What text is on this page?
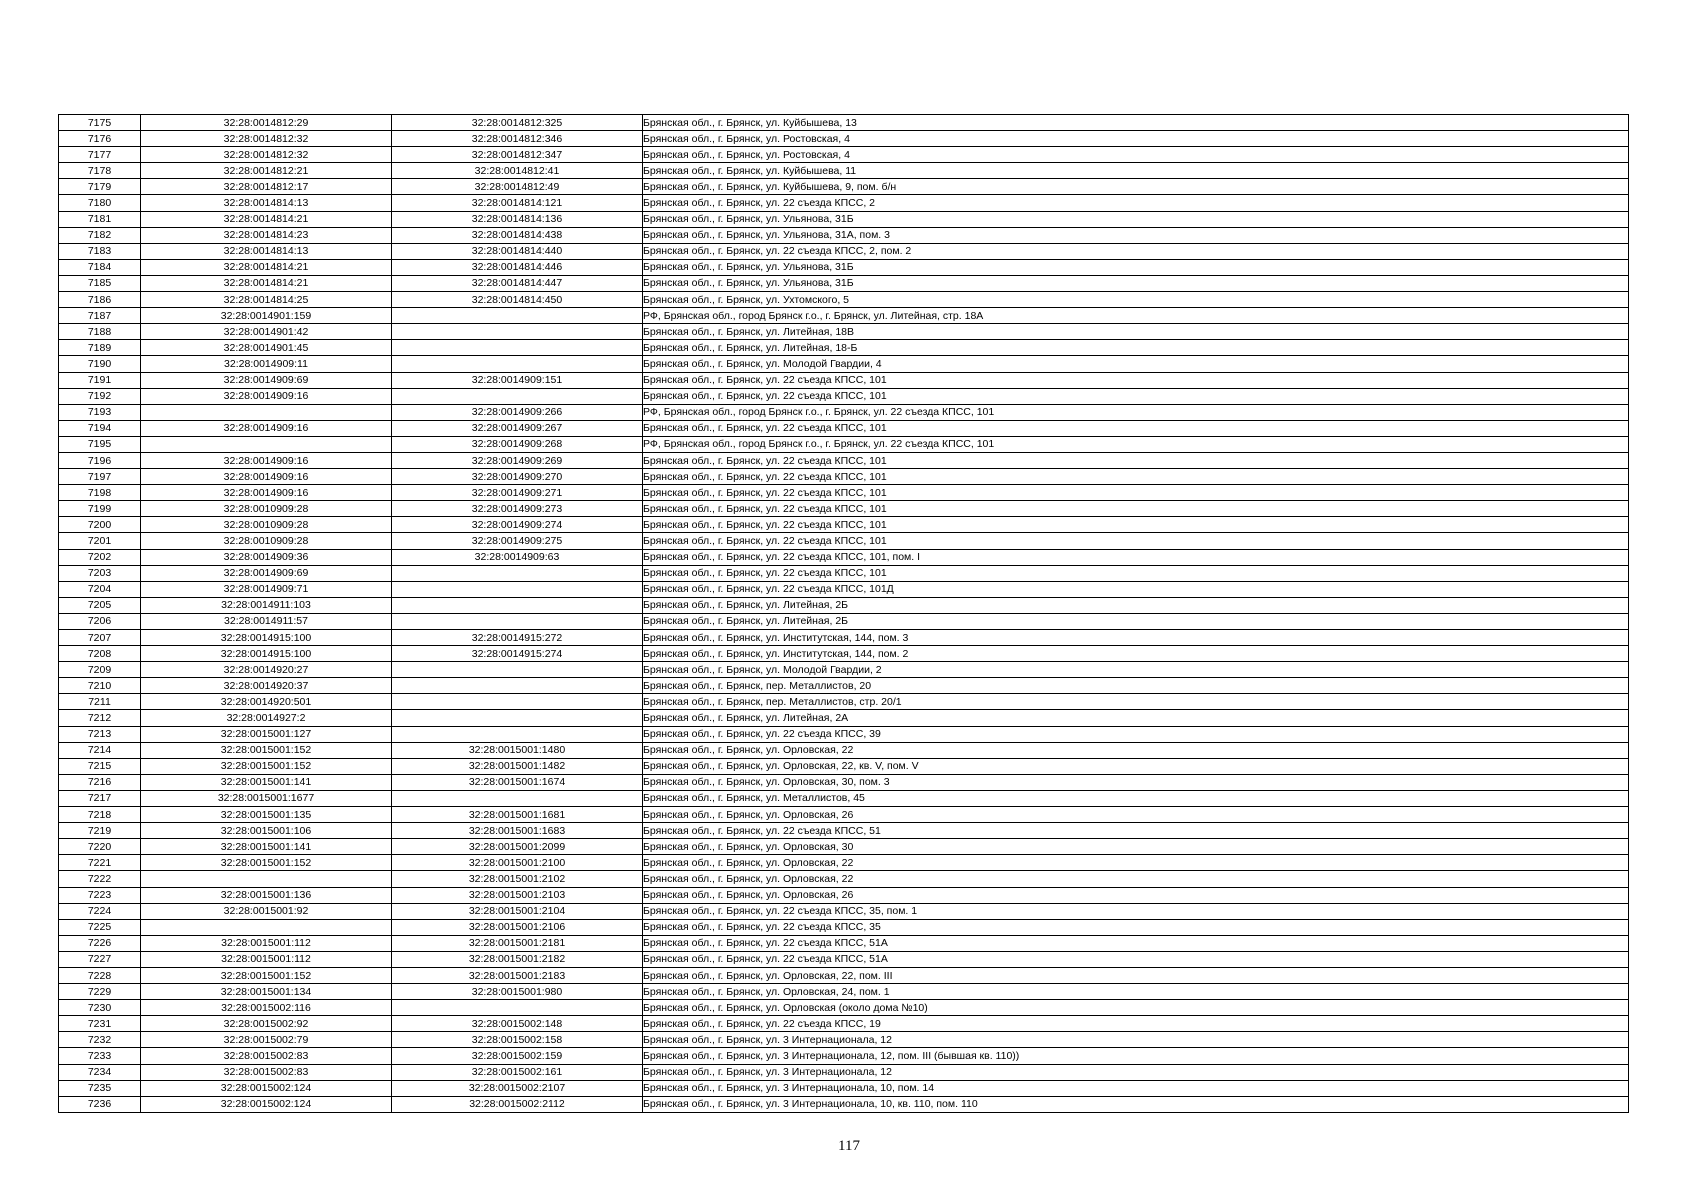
7175	32:28:0014812:29	32:28:0014812:325	Брянская обл., г. Брянск, ул. Куйбышева, 13
7176	32:28:0014812:32	32:28:0014812:346	Брянская обл., г. Брянск, ул. Ростовская, 4
7177	32:28:0014812:32	32:28:0014812:347	Брянская обл., г. Брянск, ул. Ростовская, 4
7178	32:28:0014812:21	32:28:0014812:41	Брянская обл., г. Брянск, ул. Куйбышева, 11
7179	32:28:0014812:17	32:28:0014812:49	Брянская обл., г. Брянск, ул. Куйбышева, 9, пом. б/н
7180	32:28:0014814:13	32:28:0014814:121	Брянская обл., г. Брянск, ул. 22 съезда КПСС, 2
7181	32:28:0014814:21	32:28:0014814:136	Брянская обл., г. Брянск, ул. Ульянова, 31Б
7182	32:28:0014814:23	32:28:0014814:438	Брянская обл., г. Брянск, ул. Ульянова, 31А, пом. 3
7183	32:28:0014814:13	32:28:0014814:440	Брянская обл., г. Брянск, ул. 22 съезда КПСС, 2, пом. 2
7184	32:28:0014814:21	32:28:0014814:446	Брянская обл., г. Брянск, ул. Ульянова, 31Б
7185	32:28:0014814:21	32:28:0014814:447	Брянская обл., г. Брянск, ул. Ульянова, 31Б
7186	32:28:0014814:25	32:28:0014814:450	Брянская обл., г. Брянск, ул. Ухтомского, 5
7187	32:28:0014901:159		РФ, Брянская обл., город Брянск г.о., г. Брянск, ул. Литейная, стр. 18А
7188	32:28:0014901:42		Брянская обл., г. Брянск, ул. Литейная, 18В
7189	32:28:0014901:45		Брянская обл., г. Брянск, ул. Литейная, 18-Б
7190	32:28:0014909:11		Брянская обл., г. Брянск, ул. Молодой Гвардии, 4
7191	32:28:0014909:69	32:28:0014909:151	Брянская обл., г. Брянск, ул. 22 съезда КПСС, 101
7192	32:28:0014909:16		Брянская обл., г. Брянск, ул. 22 съезда КПСС, 101
7193		32:28:0014909:266	РФ, Брянская обл., город Брянск г.о., г. Брянск, ул. 22 съезда КПСС, 101
7194	32:28:0014909:16	32:28:0014909:267	Брянская обл., г. Брянск, ул. 22 съезда КПСС, 101
7195		32:28:0014909:268	РФ, Брянская обл., город Брянск г.о., г. Брянск, ул. 22 съезда КПСС, 101
7196	32:28:0014909:16	32:28:0014909:269	Брянская обл., г. Брянск, ул. 22 съезда КПСС, 101
7197	32:28:0014909:16	32:28:0014909:270	Брянская обл., г. Брянск, ул. 22 съезда КПСС, 101
7198	32:28:0014909:16	32:28:0014909:271	Брянская обл., г. Брянск, ул. 22 съезда КПСС, 101
7199	32:28:0010909:28	32:28:0014909:273	Брянская обл., г. Брянск, ул. 22 съезда КПСС, 101
7200	32:28:0010909:28	32:28:0014909:274	Брянская обл., г. Брянск, ул. 22 съезда КПСС, 101
7201	32:28:0010909:28	32:28:0014909:275	Брянская обл., г. Брянск, ул. 22 съезда КПСС, 101
7202	32:28:0014909:36	32:28:0014909:63	Брянская обл., г. Брянск, ул. 22 съезда КПСС, 101, пом. I
7203	32:28:0014909:69		Брянская обл., г. Брянск, ул. 22 съезда КПСС, 101
7204	32:28:0014909:71		Брянская обл., г. Брянск, ул. 22 съезда КПСС, 101Д
7205	32:28:0014911:103		Брянская обл., г. Брянск, ул. Литейная, 2Б
7206	32:28:0014911:57		Брянская обл., г. Брянск, ул. Литейная, 2Б
7207	32:28:0014915:100	32:28:0014915:272	Брянская обл., г. Брянск, ул. Институтская, 144, пом. 3
7208	32:28:0014915:100	32:28:0014915:274	Брянская обл., г. Брянск, ул. Институтская, 144, пом. 2
7209	32:28:0014920:27		Брянская обл., г. Брянск, ул. Молодой Гвардии, 2
7210	32:28:0014920:37		Брянская обл., г. Брянск, пер. Металлистов, 20
7211	32:28:0014920:501		Брянская обл., г. Брянск, пер. Металлистов, стр. 20/1
7212	32:28:0014927:2		Брянская обл., г. Брянск, ул. Литейная, 2А
7213	32:28:0015001:127		Брянская обл., г. Брянск, ул. 22 съезда КПСС, 39
7214	32:28:0015001:152	32:28:0015001:1480	Брянская обл., г. Брянск, ул. Орловская, 22
7215	32:28:0015001:152	32:28:0015001:1482	Брянская обл., г. Брянск, ул. Орловская, 22, кв. V, пом. V
7216	32:28:0015001:141	32:28:0015001:1674	Брянская обл., г. Брянск, ул. Орловская, 30, пом. 3
7217	32:28:0015001:1677		Брянская обл., г. Брянск, ул. Металлистов, 45
7218	32:28:0015001:135	32:28:0015001:1681	Брянская обл., г. Брянск, ул. Орловская, 26
7219	32:28:0015001:106	32:28:0015001:1683	Брянская обл., г. Брянск, ул. 22 съезда КПСС, 51
7220	32:28:0015001:141	32:28:0015001:2099	Брянская обл., г. Брянск, ул. Орловская, 30
7221	32:28:0015001:152	32:28:0015001:2100	Брянская обл., г. Брянск, ул. Орловская, 22
7222		32:28:0015001:2102	Брянская обл., г. Брянск, ул. Орловская, 22
7223	32:28:0015001:136	32:28:0015001:2103	Брянская обл., г. Брянск, ул. Орловская, 26
7224	32:28:0015001:92	32:28:0015001:2104	Брянская обл., г. Брянск, ул. 22 съезда КПСС, 35, пом. 1
7225		32:28:0015001:2106	Брянская обл., г. Брянск, ул. 22 съезда КПСС, 35
7226	32:28:0015001:112	32:28:0015001:2181	Брянская обл., г. Брянск, ул. 22 съезда КПСС, 51А
7227	32:28:0015001:112	32:28:0015001:2182	Брянская обл., г. Брянск, ул. 22 съезда КПСС, 51А
7228	32:28:0015001:152	32:28:0015001:2183	Брянская обл., г. Брянск, ул. Орловская, 22, пом. III
7229	32:28:0015001:134	32:28:0015001:980	Брянская обл., г. Брянск, ул. Орловская, 24, пом. 1
7230	32:28:0015002:116		Брянская обл., г. Брянск, ул. Орловская (около дома №10)
7231	32:28:0015002:92	32:28:0015002:148	Брянская обл., г. Брянск, ул. 22 съезда КПСС, 19
7232	32:28:0015002:79	32:28:0015002:158	Брянская обл., г. Брянск, ул. 3 Интернационала, 12
7233	32:28:0015002:83	32:28:0015002:159	Брянская обл., г. Брянск, ул. 3 Интернационала, 12, пом. III (бывшая кв. 110))
7234	32:28:0015002:83	32:28:0015002:161	Брянская обл., г. Брянск, ул. 3 Интернационала, 12
7235	32:28:0015002:124	32:28:0015002:2107	Брянская обл., г. Брянск, ул. 3 Интернационала, 10, пом. 14
7236	32:28:0015002:124	32:28:0015002:2112	Брянская обл., г. Брянск, ул. 3 Интернационала, 10, кв. 110, пом. 110
117
